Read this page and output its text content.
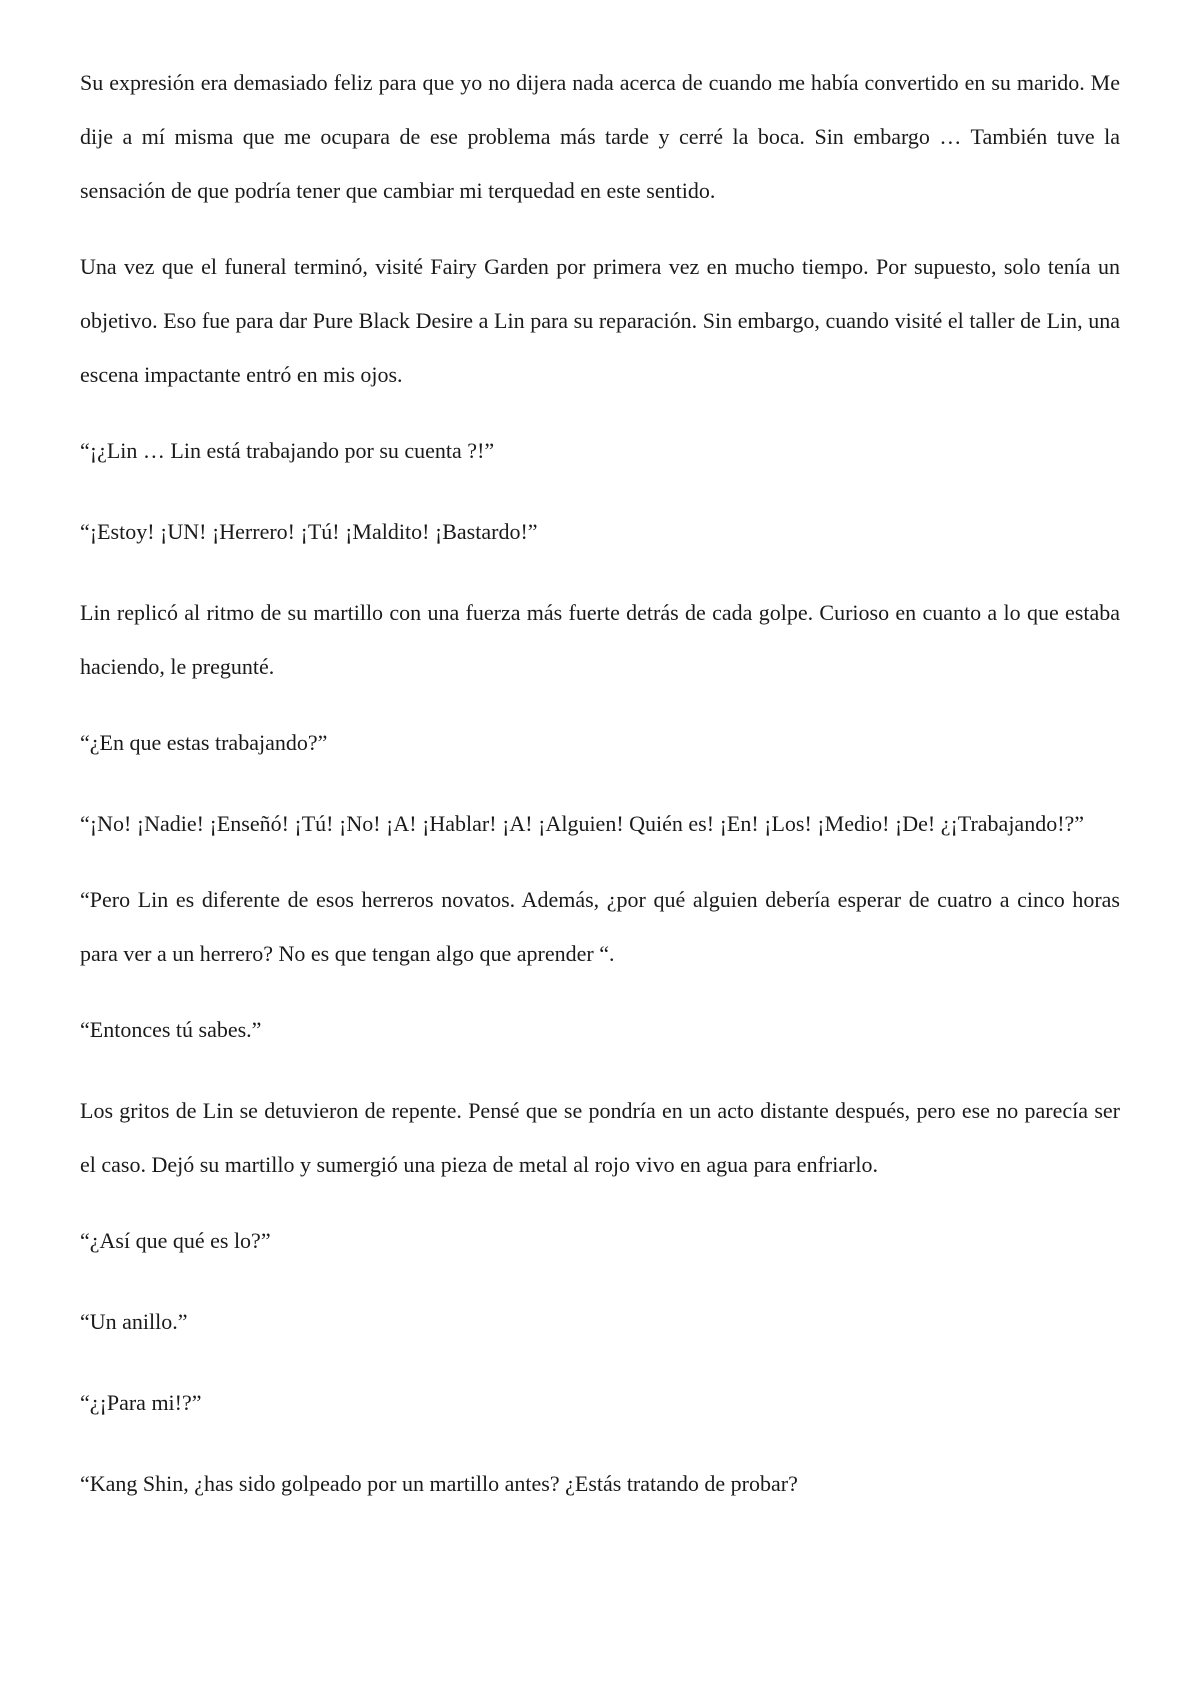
Su expresión era demasiado feliz para que yo no dijera nada acerca de cuando me había convertido en su marido. Me dije a mí misma que me ocupara de ese problema más tarde y cerré la boca. Sin embargo … También tuve la sensación de que podría tener que cambiar mi terquedad en este sentido.

Una vez que el funeral terminó, visité Fairy Garden por primera vez en mucho tiempo. Por supuesto, solo tenía un objetivo. Eso fue para dar Pure Black Desire a Lin para su reparación. Sin embargo, cuando visité el taller de Lin, una escena impactante entró en mis ojos.

“¡¿Lin … Lin está trabajando por su cuenta ?!”

“¡Estoy! ¡UN! ¡Herrero! ¡Tú! ¡Maldito! ¡Bastardo!”

Lin replicó al ritmo de su martillo con una fuerza más fuerte detrás de cada golpe. Curioso en cuanto a lo que estaba haciendo, le pregunté.

“¿En que estas trabajando?”

“¡No! ¡Nadie! ¡Enseñó! ¡Tú! ¡No! ¡A! ¡Hablar! ¡A! ¡Alguien! Quién es! ¡En! ¡Los! ¡Medio! ¡De! ¿¡Trabajando!?”

“Pero Lin es diferente de esos herreros novatos. Además, ¿por qué alguien debería esperar de cuatro a cinco horas para ver a un herrero? No es que tengan algo que aprender “.

“Entonces tú sabes.”

Los gritos de Lin se detuvieron de repente. Pensé que se pondría en un acto distante después, pero ese no parecía ser el caso. Dejó su martillo y sumergió una pieza de metal al rojo vivo en agua para enfriarlo.

“¿Así que qué es lo?”

“Un anillo.”

“¿¡Para mi!?”

“Kang Shin, ¿has sido golpeado por un martillo antes? ¿Estás tratando de probar?
